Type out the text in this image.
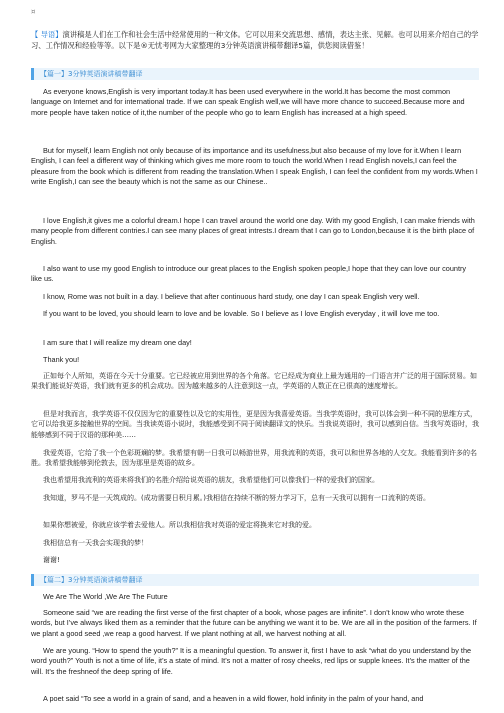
¤
【 导语】演讲稿是人们在工作和社会生活中经常使用的一种文体。它可以用来交流思想、感情，表达主张、见解。也可以用来介绍自己的学习、工作情况和经验等等。以下是®无忧考网为大家整理的3分钟英语演讲稿带翻译5篇，供您阅读借鉴！
【篇一】3分钟英语演讲稿带翻译

As everyone knows,English is very important today.It has been used everywhere in the world.It has become the most common language on Internet and for international trade. If we can speak English well,we will have more chance to succeed.Because more and more people have taken notice of it,the number of the people who go to learn English has increased at a high speed.

But for myself,I learn English not only because of its importance and its usefulness,but also because of my love for it.When I learn English, I can feel a different way of thinking which gives me more room to touch the world.When I read English novels,I can feel the pleasure from the book which is different from reading the translation.When I speak English, I can feel the confident from my words.When I write English,I can see the beauty which is not the same as our Chinese..

I love English,it gives me a colorful dream.I hope I can travel around the world one day. With my good English, I can make friends with many people from different contries.I can see many places of great intrests.I dream that I can go to London,because it is the birth place of English.

I also want to use my good English to introduce our great places to the English spoken people,I hope that they can love our country like us.

I know, Rome was not built in a day. I believe that after continuous hard study, one day I can speak English very well.

If you want to be loved, you should learn to love and be lovable. So I believe as I love English everyday , it will love me too.

I am sure that I will realize my dream one day!

Thank you!

正如每个人所知，英语在今天十分重要。它已经被应用到世界的各个角落。它已经成为商业上最为通用的一门语言并广泛的用于国际贸易。如果我们能说好英语，我们就有更多的机会成功。因为越来越多的人注意到这一点，学英语的人数正在已很高的速度增长。

但是对我而言，我学英语不仅仅因为它的重要性以及它的实用性，更是因为我喜爱英语。当我学英语时，我可以体会到一种不同的思维方式，它可以给我更多接触世界的空间。当我读英语小说时，我能感受到不同于阅读翻译文的快乐。当我说英语时，我可以感到自信。当我写英语时，我能够感到不同于汉语的那种美……

我爱英语，它给了我一个色彩斑斓的梦。我希望有朝一日我可以畅游世界，用我流利的英语，我可以和世界各地的人交友。我能看到许多的名胜。我希望我能够到伦敦去，因为那里是英语的故乡。

我也希望用我流利的英语来将我们的名胜介绍给说英语的朋友，我希望他们可以像我们一样的爱我们的国家。

我知道，罗马不是一天筑成的。(成功需要日积月累。)我相信在持续不断的努力学习下，总有一天我可以拥有一口流利的英语。

如果你想被爱，你就应该学着去爱他人。所以我相信我对英语的爱定将换来它对我的爱。

我相信总有一天我会实现我的梦！

谢谢!

【篇二】3分钟英语演讲稿带翻译

We Are The World ,We Are The Future

Someone said “we are reading the first verse of the first chapter of a book, whose pages are infinite”. I don’t know who wrote these words, but I’ve always liked them as a reminder that the future can be anything we want it to be. We are all in the position of the farmers. If we plant a good seed ,we reap a good harvest. If we plant nothing at all, we harvest nothing at all.

We are young. “How to spend the youth?” It is a meaningful question. To answer it, first I have to ask “what do you understand by the word youth?” Youth is not a time of life, it’s a state of mind. It’s not a matter of rosy cheeks, red lips or supple knees. It’s the matter of the will. It’s the freshneof the deep spring of life.

A poet said “To see a world in a grain of sand, and a heaven in a wild flower, hold infinity in the palm of your hand, and
